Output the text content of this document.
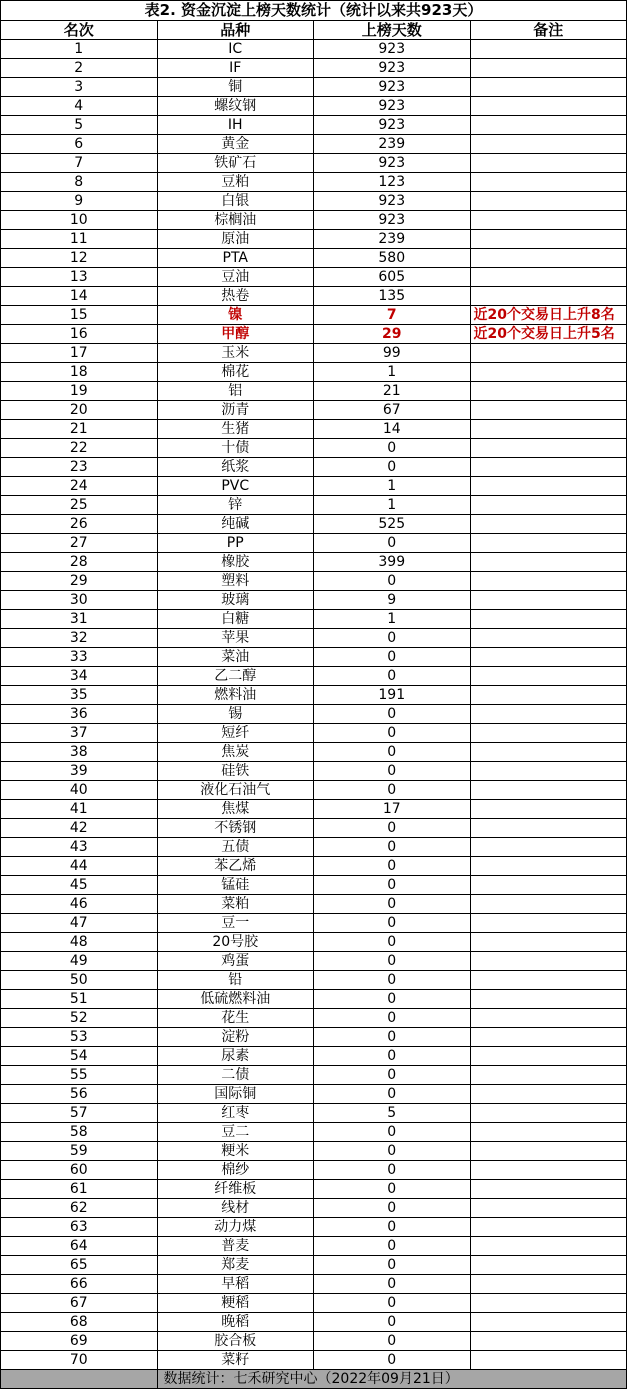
表2. 资金沉淀上榜天数统计（统计以来共923天）			
名次	品种	上榜天数	备注
1	IC	923	
2	IF	923	
3	铜	923	
4	螺纹钢	923	
5	IH	923	
6	黄金	239	
7	铁矿石	923	
8	豆粕	123	
9	白银	923	
10	棕榈油	923	
11	原油	239	
12	PTA	580	
13	豆油	605	
14	热卷	135	
15	镍	7	近20个交易日上升8名
16	甲醇	29	近20个交易日上升5名
17	玉米	99	
18	棉花	1	
19	铝	21	
20	沥青	67	
21	生猪	14	
22	十债	0	
23	纸浆	0	
24	PVC	1	
25	锌	1	
26	纯碱	525	
27	PP	0	
28	橡胶	399	
29	塑料	0	
30	玻璃	9	
31	白糖	1	
32	苹果	0	
33	菜油	0	
34	乙二醇	0	
35	燃料油	191	
36	锡	0	
37	短纤	0	
38	焦炭	0	
39	硅铁	0	
40	液化石油气	0	
41	焦煤	17	
42	不锈钢	0	
43	五债	0	
44	苯乙烯	0	
45	锰硅	0	
46	菜粕	0	
47	豆一	0	
48	20号胶	0	
49	鸡蛋	0	
50	铅	0	
51	低硫燃料油	0	
52	花生	0	
53	淀粉	0	
54	尿素	0	
55	二债	0	
56	国际铜	0	
57	红枣	5	
58	豆二	0	
59	粳米	0	
60	棉纱	0	
61	纤维板	0	
62	线材	0	
63	动力煤	0	
64	普麦	0	
65	郑麦	0	
66	早稻	0	
67	粳稻	0	
68	晚稻	0	
69	胶合板	0	
70	菜籽	0	
	数据统计：七禾研究中心（2022年09月21日）		
